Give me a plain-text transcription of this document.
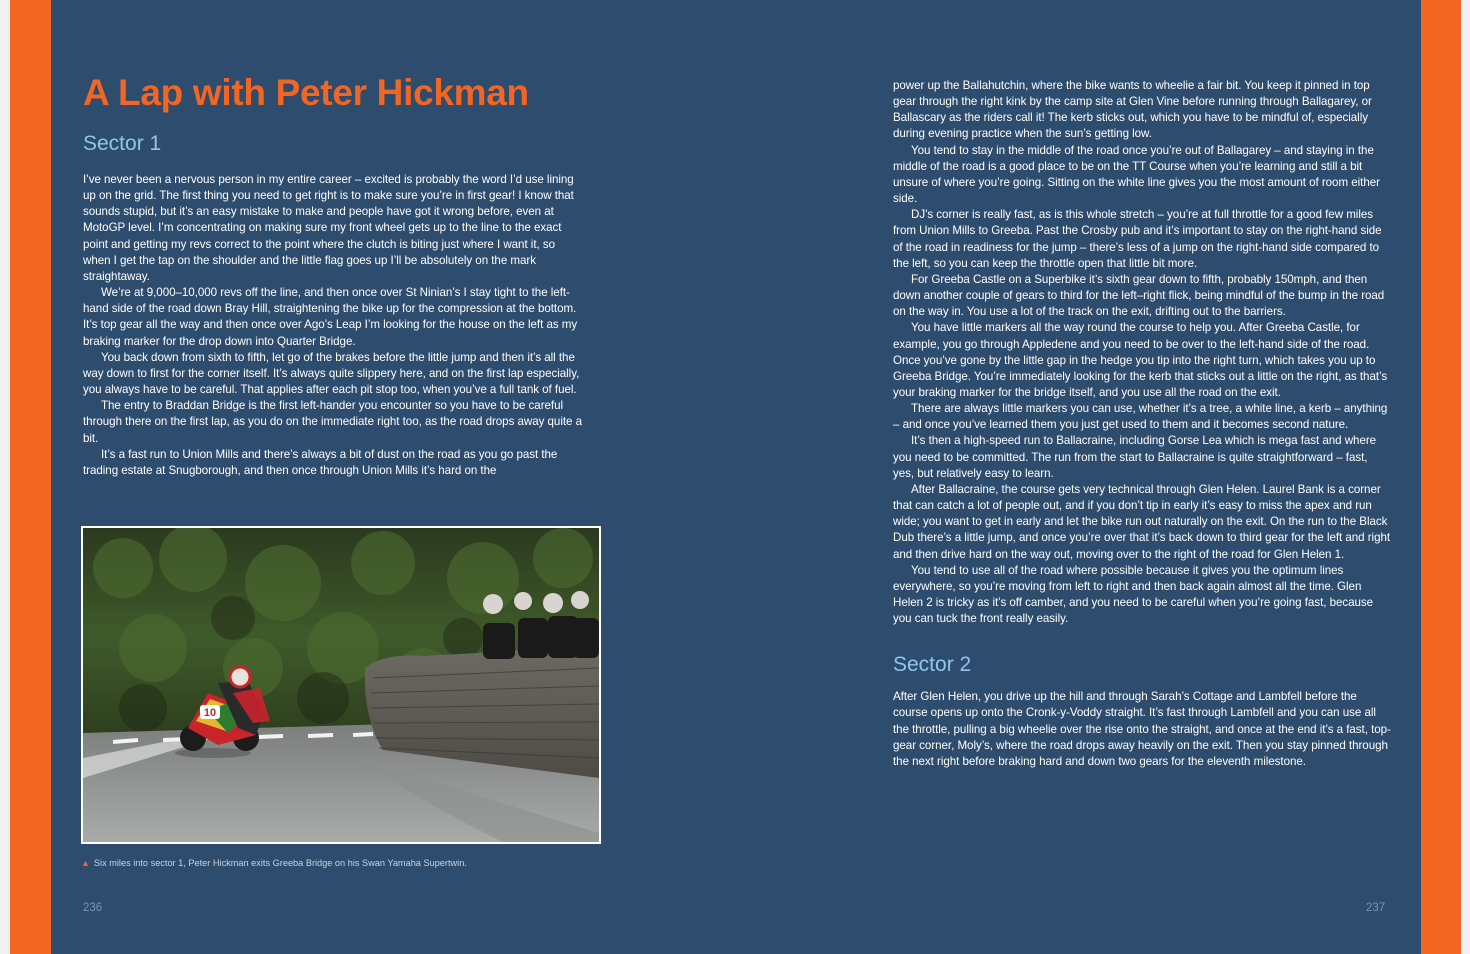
A Lap with Peter Hickman
Sector 1

I’ve never been a nervous person in my entire career – excited is probably the word I’d use lining up on the grid. The first thing you need to get right is to make sure you’re in first gear! I know that sounds stupid, but it’s an easy mistake to make and people have got it wrong before, even at MotoGP level. I’m concentrating on making sure my front wheel gets up to the line to the exact point and getting my revs correct to the point where the clutch is biting just where I want it, so when I get the tap on the shoulder and the little flag goes up I’ll be absolutely on the mark straightaway.

We’re at 9,000–10,000 revs off the line, and then once over St Ninian’s I stay tight to the left-hand side of the road down Bray Hill, straightening the bike up for the compression at the bottom. It’s top gear all the way and then once over Ago’s Leap I’m looking for the house on the left as my braking marker for the drop down into Quarter Bridge.

You back down from sixth to fifth, let go of the brakes before the little jump and then it’s all the way down to first for the corner itself. It’s always quite slippery here, and on the first lap especially, you always have to be careful. That applies after each pit stop too, when you’ve a full tank of fuel.

The entry to Braddan Bridge is the first left-hander you encounter so you have to be careful through there on the first lap, as you do on the immediate right too, as the road drops away quite a bit.

It’s a fast run to Union Mills and there’s always a bit of dust on the road as you go past the trading estate at Snugborough, and then once through Union Mills it’s hard on the

10
▲ Six miles into sector 1, Peter Hickman exits Greeba Bridge on his Swan Yamaha Supertwin.
236

power up the Ballahutchin, where the bike wants to wheelie a fair bit. You keep it pinned in top gear through the right kink by the camp site at Glen Vine before running through Ballagarey, or Ballascary as the riders call it! The kerb sticks out, which you have to be mindful of, especially during evening practice when the sun’s getting low.

You tend to stay in the middle of the road once you’re out of Ballagarey – and staying in the middle of the road is a good place to be on the TT Course when you’re learning and still a bit unsure of where you’re going. Sitting on the white line gives you the most amount of room either side.

DJ’s corner is really fast, as is this whole stretch – you’re at full throttle for a good few miles from Union Mills to Greeba. Past the Crosby pub and it’s important to stay on the right-hand side of the road in readiness for the jump – there’s less of a jump on the right-hand side compared to the left, so you can keep the throttle open that little bit more.

For Greeba Castle on a Superbike it’s sixth gear down to fifth, probably 150mph, and then down another couple of gears to third for the left–right flick, being mindful of the bump in the road on the way in. You use a lot of the track on the exit, drifting out to the barriers.

You have little markers all the way round the course to help you. After Greeba Castle, for example, you go through Appledene and you need to be over to the left-hand side of the road. Once you’ve gone by the little gap in the hedge you tip into the right turn, which takes you up to Greeba Bridge. You’re immediately looking for the kerb that sticks out a little on the right, as that’s your braking marker for the bridge itself, and you use all the road on the exit.

There are always little markers you can use, whether it’s a tree, a white line, a kerb – anything – and once you’ve learned them you just get used to them and it becomes second nature.

It’s then a high-speed run to Ballacraine, including Gorse Lea which is mega fast and where you need to be committed. The run from the start to Ballacraine is quite straightforward – fast, yes, but relatively easy to learn.

After Ballacraine, the course gets very technical through Glen Helen. Laurel Bank is a corner that can catch a lot of people out, and if you don’t tip in early it’s easy to miss the apex and run wide; you want to get in early and let the bike run out naturally on the exit. On the run to the Black Dub there’s a little jump, and once you’re over that it’s back down to third gear for the left and right and then drive hard on the way out, moving over to the right of the road for Glen Helen 1.

You tend to use all of the road where possible because it gives you the optimum lines everywhere, so you’re moving from left to right and then back again almost all the time. Glen Helen 2 is tricky as it’s off camber, and you need to be careful when you’re going fast, because you can tuck the front really easily.

Sector 2

After Glen Helen, you drive up the hill and through Sarah’s Cottage and Lambfell before the course opens up onto the Cronk-y-Voddy straight. It’s fast through Lambfell and you can use all the throttle, pulling a big wheelie over the rise onto the straight, and once at the end it’s a fast, top-gear corner, Moly’s, where the road drops away heavily on the exit. Then you stay pinned through the next right before braking hard and down two gears for the eleventh milestone.

237
